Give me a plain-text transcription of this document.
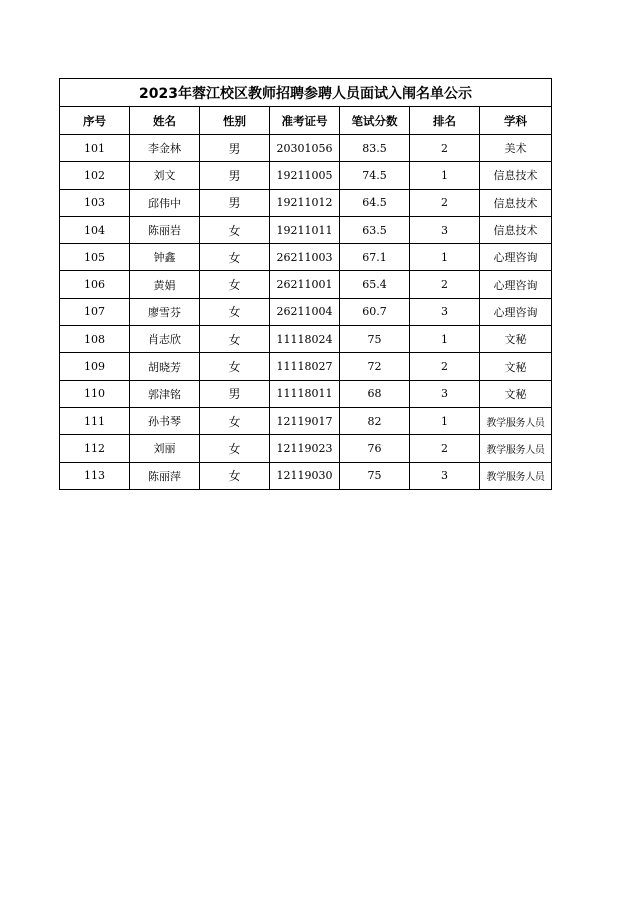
2023年蓉江校区教师招聘参聘人员面试入闱名单公示						
序号	姓名	性别	准考证号	笔试分数	排名	学科
101	李金林	男	20301056	83.5	2	美术
102	刘文	男	19211005	74.5	1	信息技术
103	邱伟中	男	19211012	64.5	2	信息技术
104	陈丽岩	女	19211011	63.5	3	信息技术
105	钟鑫	女	26211003	67.1	1	心理咨询
106	黄娟	女	26211001	65.4	2	心理咨询
107	廖雪芬	女	26211004	60.7	3	心理咨询
108	肖志欣	女	11118024	75	1	文秘
109	胡晓芳	女	11118027	72	2	文秘
110	郭津铭	男	11118011	68	3	文秘
111	孙书琴	女	12119017	82	1	教学服务人员
112	刘丽	女	12119023	76	2	教学服务人员
113	陈丽萍	女	12119030	75	3	教学服务人员
